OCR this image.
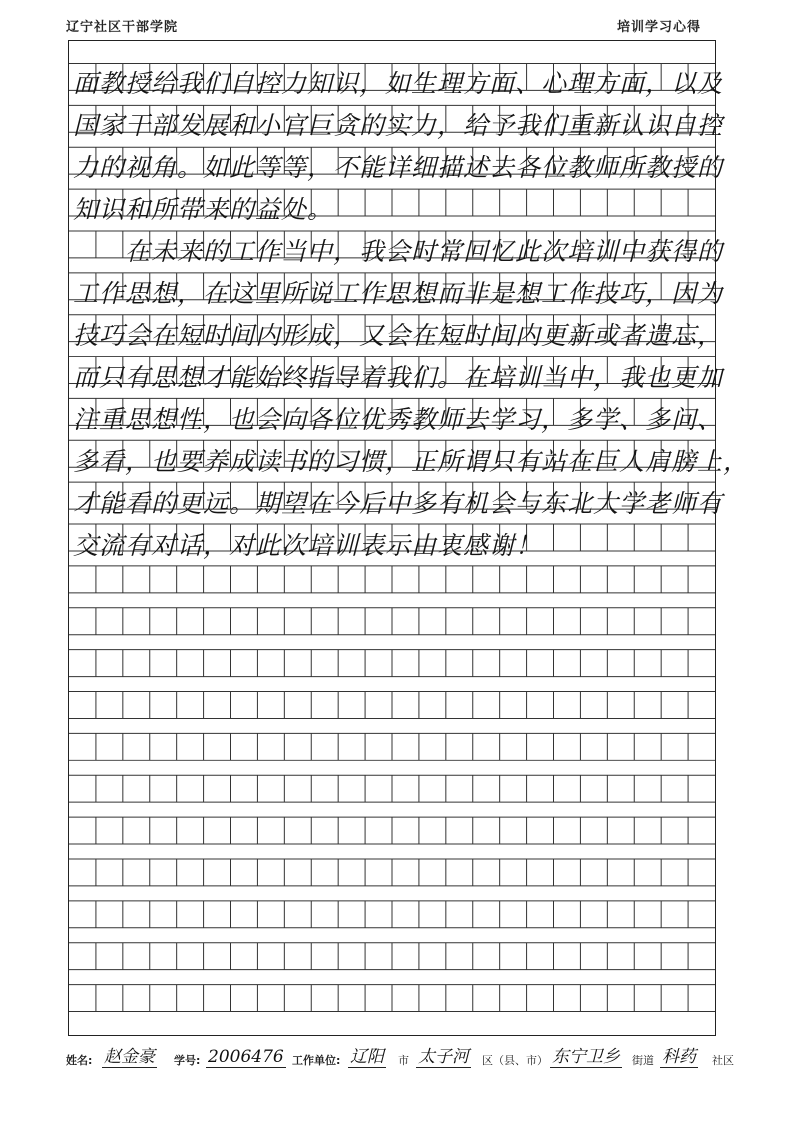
辽宁社区干部学院	培训学习心得
面教授给我们自控力知识，如生理方面、心理方面，以及
国家干部发展和小官巨贪的实力，给予我们重新认识自控
力的视角。如此等等，不能详细描述去各位教师所教授的
知识和所带来的益处。
　　在未来的工作当中，我会时常回忆此次培训中获得的
工作思想，在这里所说工作思想而非是想工作技巧，因为
技巧会在短时间内形成，又会在短时间内更新或者遗忘，
而只有思想才能始终指导着我们。在培训当中，我也更加
注重思想性，也会向各位优秀教师去学习，多学、多问、
多看，也要养成读书的习惯，正所谓只有站在巨人肩膀上，
才能看的更远。期望在今后中多有机会与东北大学老师有
交流有对话，对此次培训表示由衷感谢！
姓名: 赵金豪 学号: 2006476 工作单位: 辽阳 市 太子河 区（县、市） 东宁卫乡 街道 科药 社区
